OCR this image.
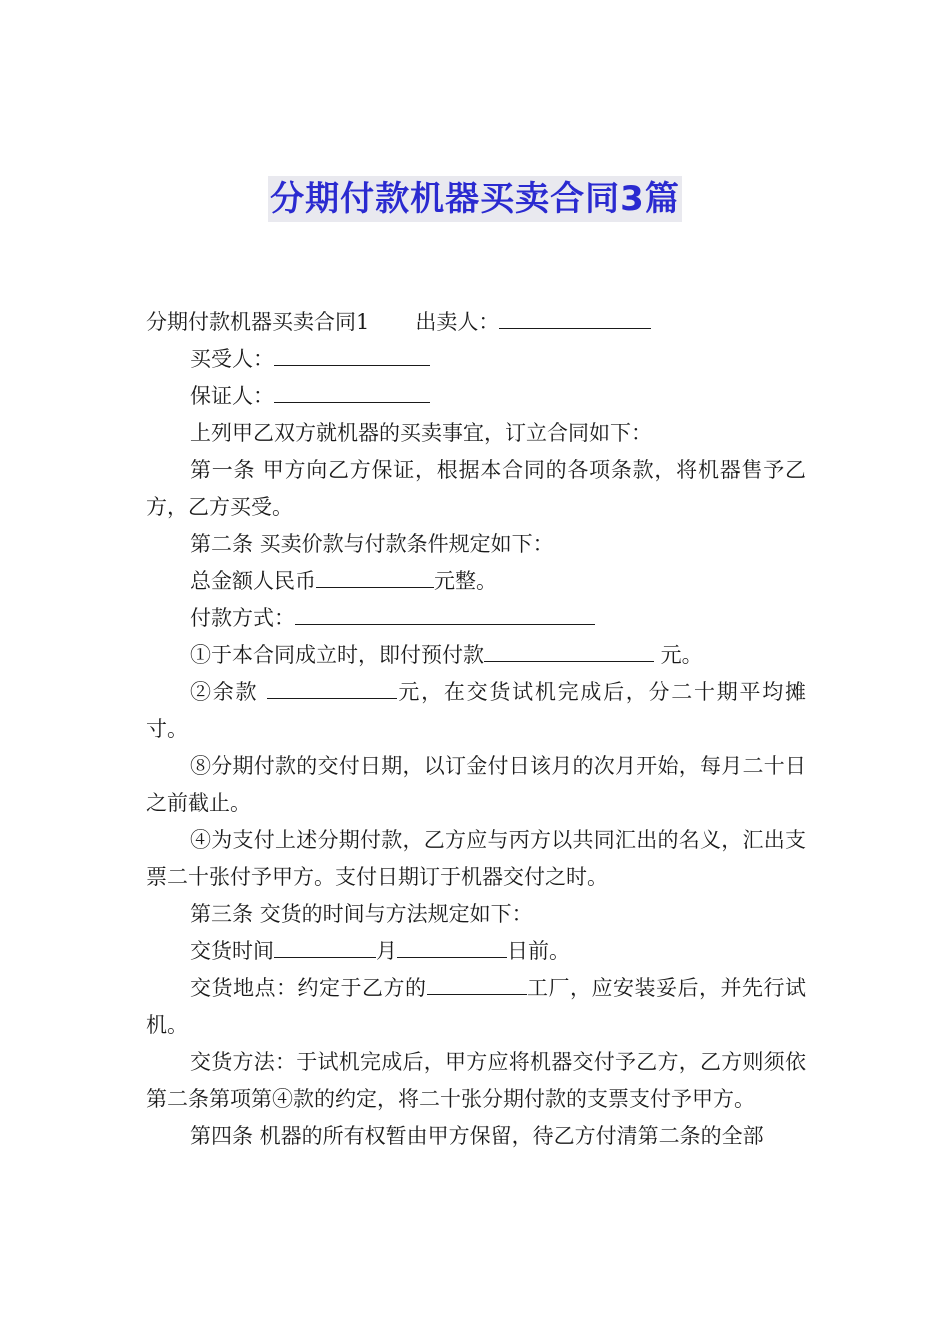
分期付款机器买卖合同3篇
分期付款机器买卖合同1 出卖人：
买受人：
保证人：
上列甲乙双方就机器的买卖事宜，订立合同如下：
第一条 甲方向乙方保证，根据本合同的各项条款，将机器售予乙方，乙方买受。
第二条 买卖价款与付款条件规定如下：
总金额人民币	元整。
付款方式：
①于本合同成立时，即付预付款	元。
②余款	元，在交货试机完成后，分二十期平均摊寸。
⑧分期付款的交付日期，以订金付日该月的次月开始，每月二十日之前截止。
④为支付上述分期付款，乙方应与丙方以共同汇出的名义，汇出支票二十张付予甲方。支付日期订于机器交付之时。
第三条 交货的时间与方法规定如下：
交货时间	月	日前。
交货地点：约定于乙方的	工厂，应安装妥后，并先行试机。
交货方法：于试机完成后，甲方应将机器交付予乙方，乙方则须依第二条第项第④款的约定，将二十张分期付款的支票支付予甲方。
第四条 机器的所有权暂由甲方保留，待乙方付清第二条的全部
